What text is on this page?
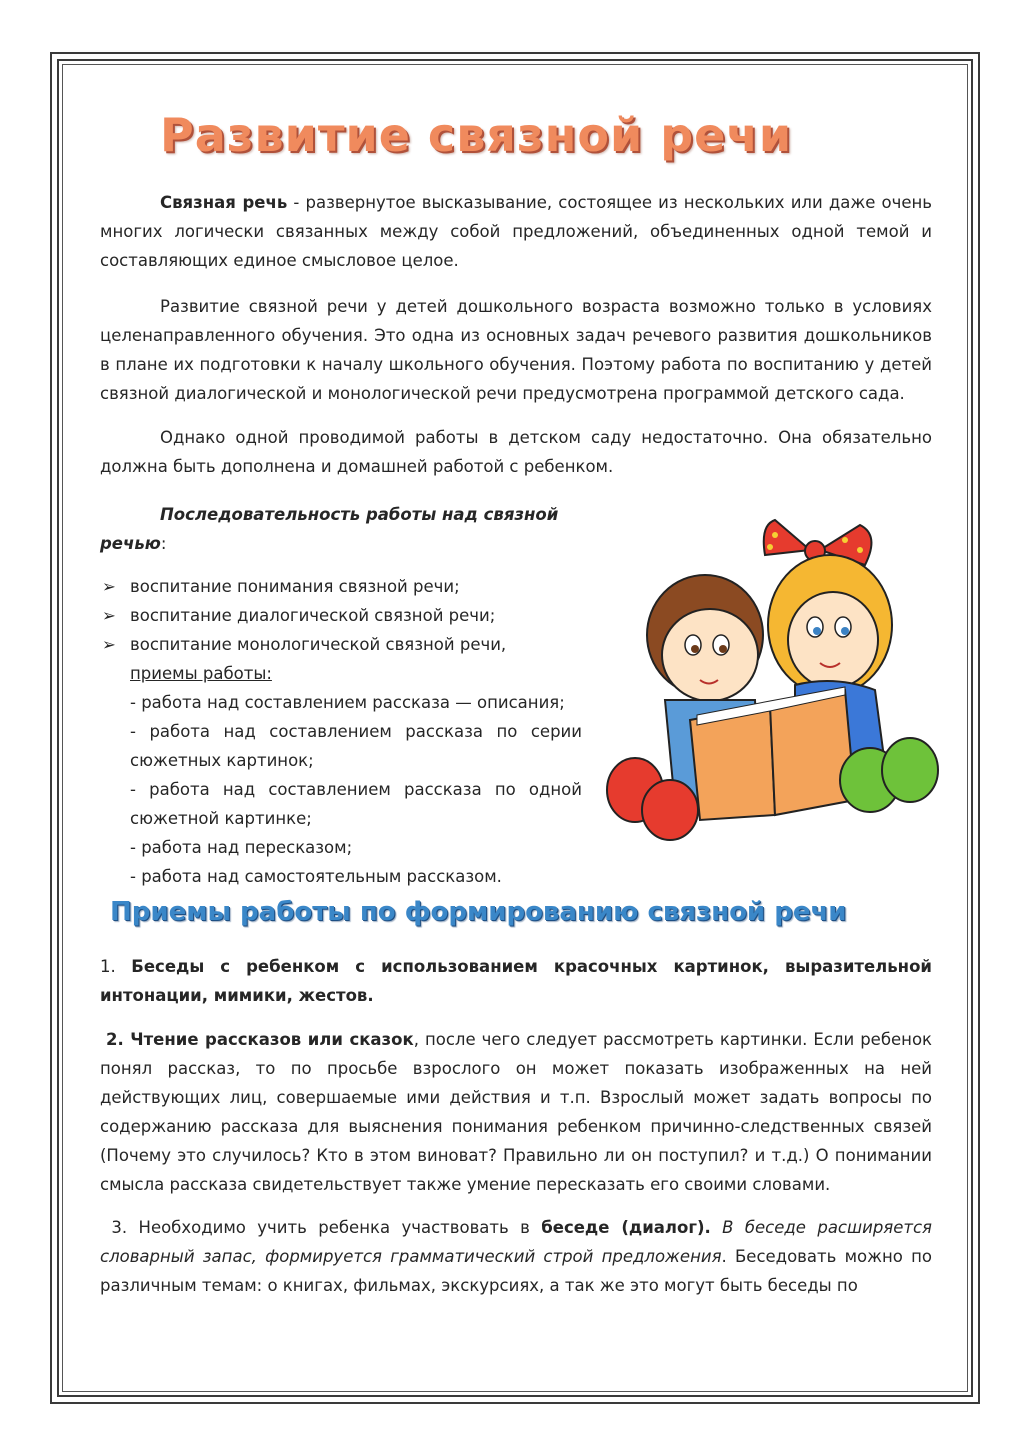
Развитие связной речи
Связная речь - развернутое высказывание, состоящее из нескольких или даже очень многих логически связанных между собой предложений, объединенных одной темой и составляющих единое смысловое целое.
Развитие связной речи у детей дошкольного возраста возможно только в условиях целенаправленного обучения. Это одна из основных задач речевого развития дошкольников в плане их подготовки к началу школьного обучения. Поэтому работа по воспитанию у детей связной диалогической и монологической речи предусмотрена программой детского сада.
Однако одной проводимой работы в детском саду недостаточно. Она обязательно должна быть дополнена и домашней работой с ребенком.
Последовательность работы над связной речью:
➢ воспитание понимания связной речи;
➢ воспитание диалогической связной речи;
➢ воспитание монологической связной речи,
приемы работы:
- работа над составлением рассказа — описания;
- работа над составлением рассказа по серии сюжетных картинок;
- работа над составлением рассказа по одной сюжетной картинке;
- работа над пересказом;
- работа над самостоятельным рассказом.
Приемы работы по формированию связной речи
1. Беседы с ребенком с использованием красочных картинок, выразительной интонации, мимики, жестов.
2. Чтение рассказов или сказок, после чего следует рассмотреть картинки. Если ребенок понял рассказ, то по просьбе взрослого он может показать изображенных на ней действующих лиц, совершаемые ими действия и т.п. Взрослый может задать вопросы по содержанию рассказа для выяснения понимания ребенком причинно-следственных связей (Почему это случилось? Кто в этом виноват? Правильно ли он поступил? и т.д.) О понимании смысла рассказа свидетельствует также умение пересказать его своими словами.
3. Необходимо учить ребенка участвовать в беседе (диалог). В беседе расширяется словарный запас, формируется грамматический строй предложения. Беседовать можно по различным темам: о книгах, фильмах, экскурсиях, а так же это могут быть беседы по
